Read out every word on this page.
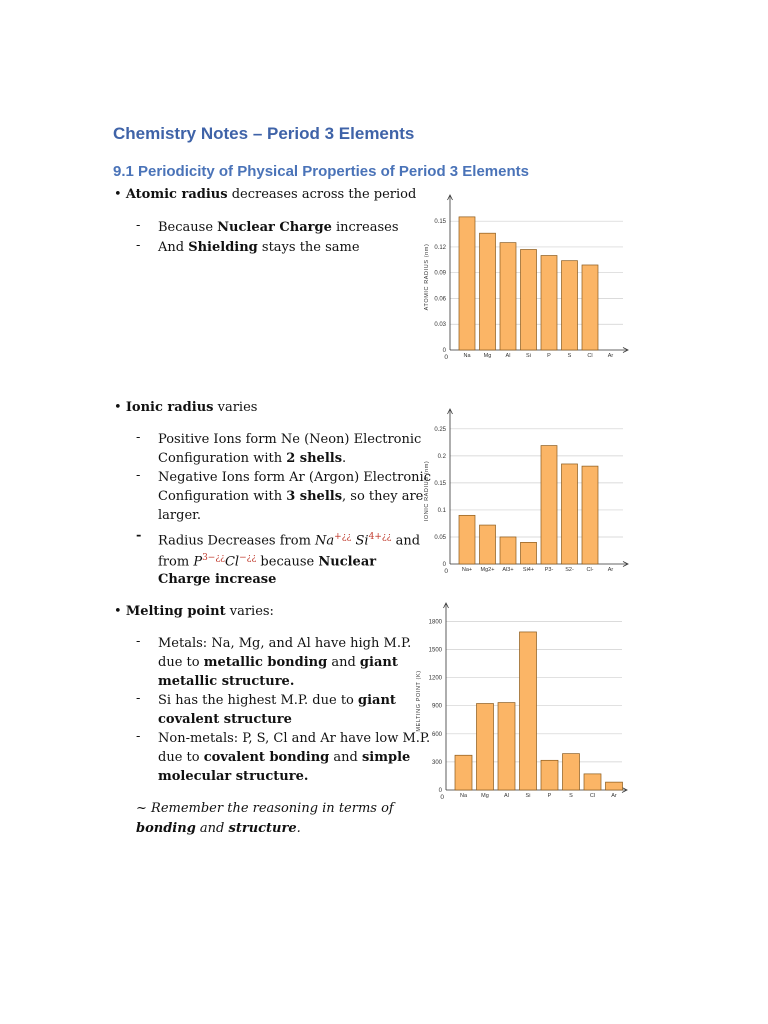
Chemistry Notes – Period 3 Elements
9.1 Periodicity of Physical Properties of Period 3 Elements
• Atomic radius decreases across the period
- Because Nuclear Charge increases
- And Shielding stays the same
• Ionic radius varies
- Positive Ions form Ne (Neon) Electronic
Configuration with 2 shells.
- Negative Ions form Ar (Argon) Electronic
Configuration with 3 shells, so they are
larger.
- Radius Decreases from Na+¿¿ $Si^{4+¿¿}$ and
from $P^{3-¿¿}Cl^{-¿¿}$ because Nuclear
Charge increase
• Melting point varies:
- Metals: Na, Mg, and Al have high M.P.
due to metallic bonding and giant
metallic structure.
- Si has the highest M.P. due to giant
covalent structure
- Non-metals: P, S, Cl and Ar have low M.P.
due to covalent bonding and simple
molecular structure.
~ Remember the reasoning in terms of
bonding and structure.
0
0.03
0.06
0.09
0.12
0.15
0
ATOMIC RADIUS (nm)
Na Mg	Al	Si	P	S	Cl	Ar
0
0.05
0.1
0.15
0.2
0.25
0
IONIC RADIUS (nm)
Na+ Mg2+ Al3+ Si4+ P3- S2- Cl-	Ar
0
300
600
900
1200
1500
1800
0
MELTING POINT (K)
Na	Mg	Al	Si	P	S	Cl	Ar
